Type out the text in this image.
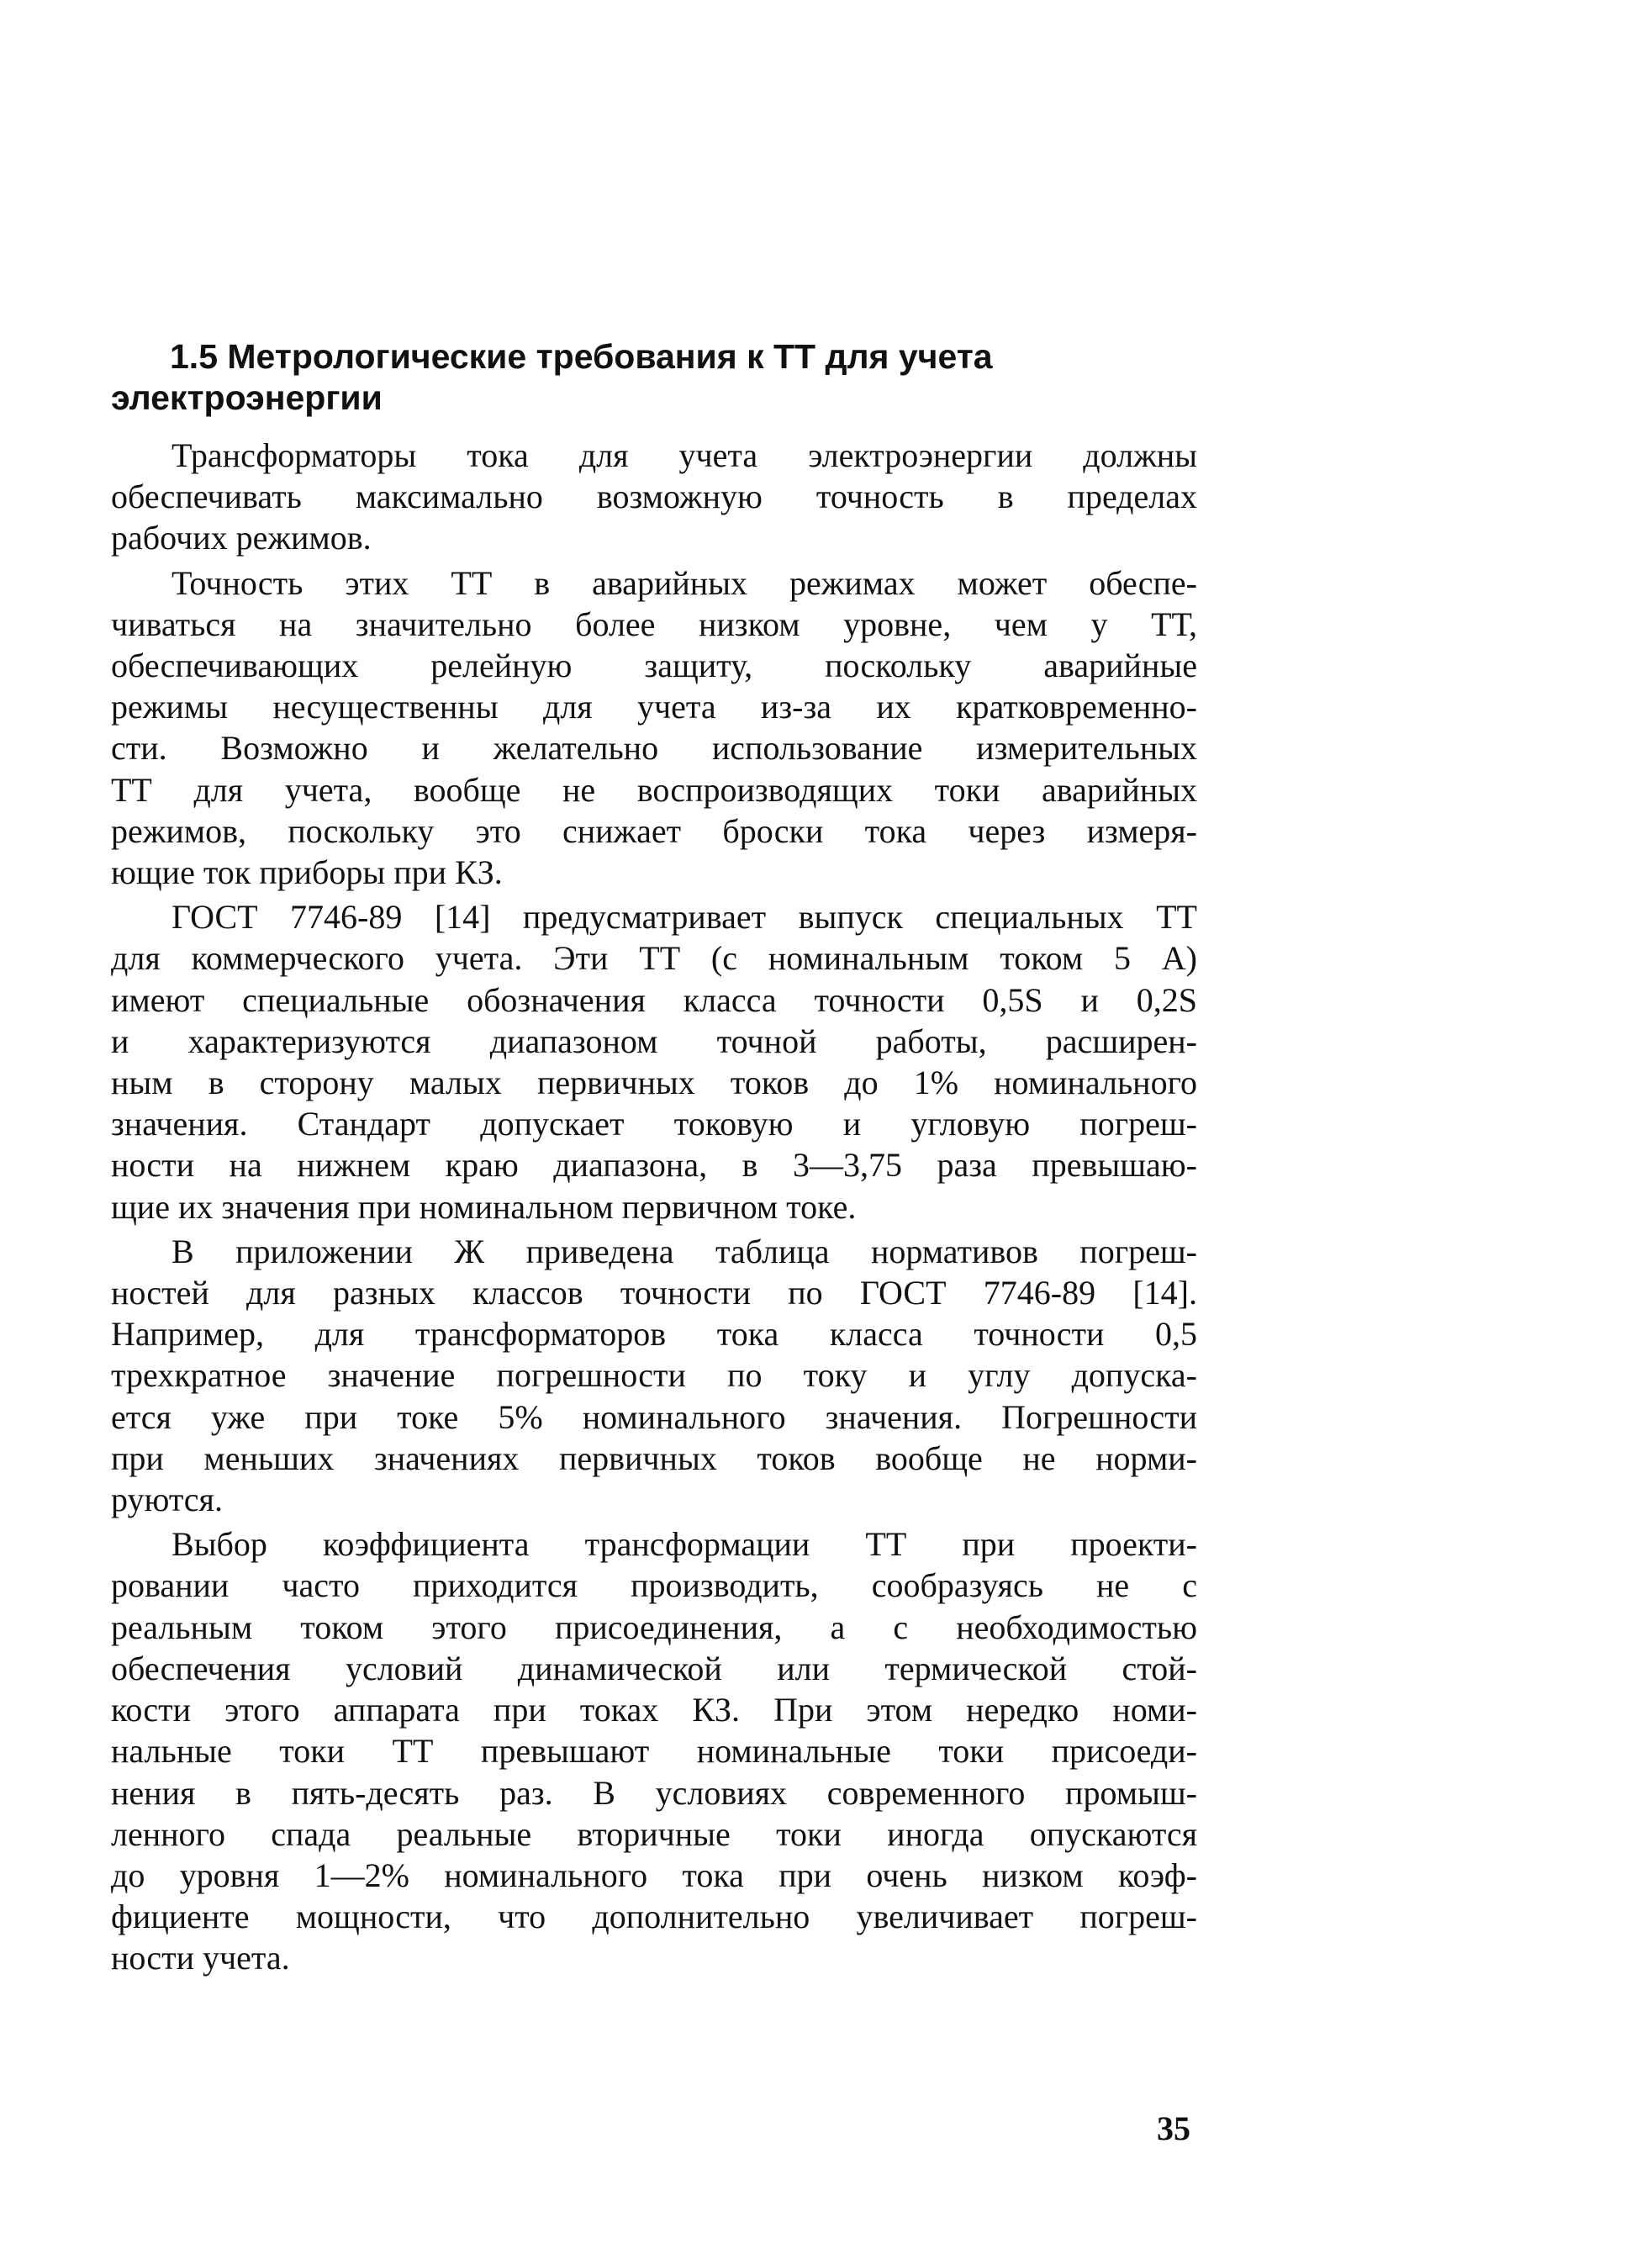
1.5 Метрологические требования к ТТ для учета
электроэнергии

Трансформаторы тока для учета электроэнергии должны
обеспечивать максимально возможную точность в пределах
рабочих режимов.

Точность этих ТТ в аварийных режимах может обеспе-
чиваться на значительно более низком уровне, чем у ТТ,
обеспечивающих релейную защиту, поскольку аварийные
режимы несущественны для учета из-за их кратковременно-
сти. Возможно и желательно использование измерительных
ТТ для учета, вообще не воспроизводящих токи аварийных
режимов, поскольку это снижает броски тока через измеря-
ющие ток приборы при КЗ.

ГОСТ 7746-89 [14] предусматривает выпуск специальных ТТ
для коммерческого учета. Эти ТТ (с номинальным током 5 А)
имеют специальные обозначения класса точности 0,5S и 0,2S
и характеризуются диапазоном точной работы, расширен-
ным в сторону малых первичных токов до 1% номинального
значения. Стандарт допускает токовую и угловую погреш-
ности на нижнем краю диапазона, в 3—3,75 раза превышаю-
щие их значения при номинальном первичном токе.

В приложении Ж приведена таблица нормативов погреш-
ностей для разных классов точности по ГОСТ 7746-89 [14].
Например, для трансформаторов тока класса точности 0,5
трехкратное значение погрешности по току и углу допуска-
ется уже при токе 5% номинального значения. Погрешности
при меньших значениях первичных токов вообще не норми-
руются.

Выбор коэффициента трансформации ТТ при проекти-
ровании часто приходится производить, сообразуясь не с
реальным током этого присоединения, а с необходимостью
обеспечения условий динамической или термической стой-
кости этого аппарата при токах КЗ. При этом нередко номи-
нальные токи ТТ превышают номинальные токи присоеди-
нения в пять-десять раз. В условиях современного промыш-
ленного спада реальные вторичные токи иногда опускаются
до уровня 1—2% номинального тока при очень низком коэф-
фициенте мощности, что дополнительно увеличивает погреш-
ности учета.

35
